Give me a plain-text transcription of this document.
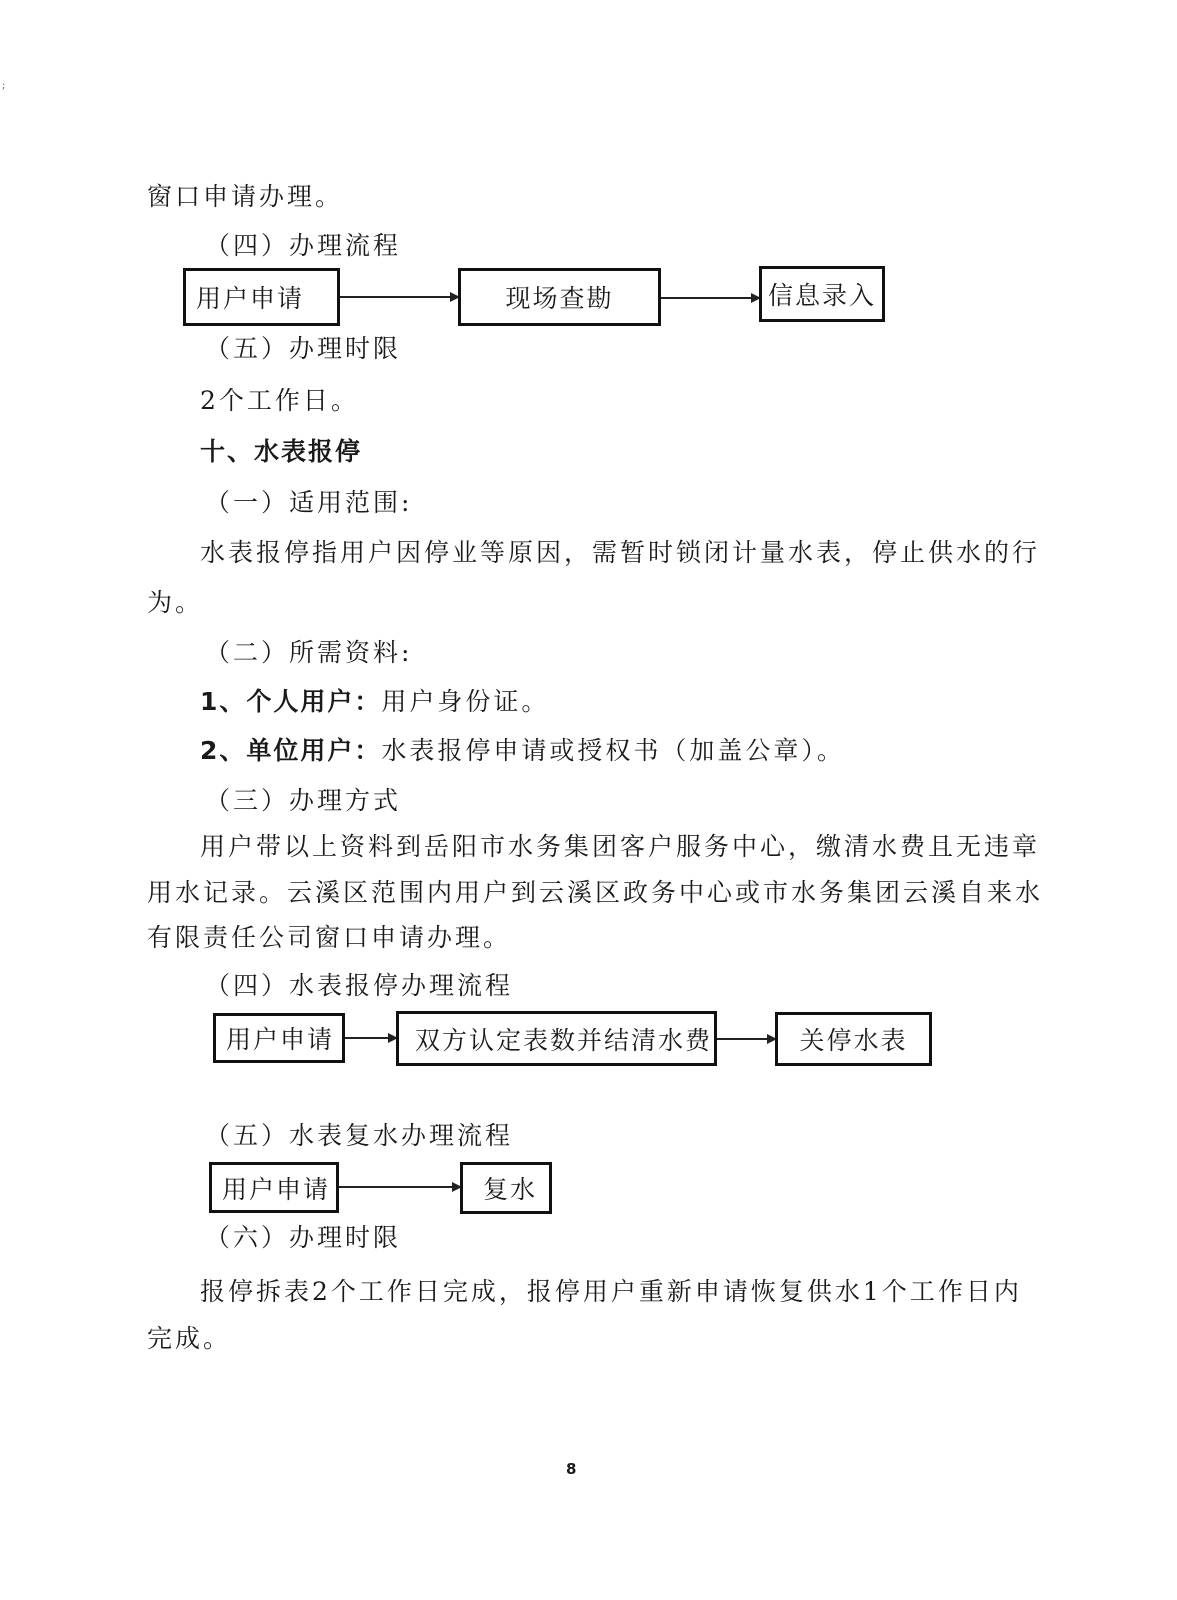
;
窗口申请办理。
（四）办理流程
用户申请	现场查勘	信息录入
（五）办理时限
2个工作日。
十、水表报停
（一）适用范围:
水表报停指用户因停业等原因，需暂时锁闭计量水表，停止供水的行
为。
（二）所需资料:
1、个人用户：用户身份证。
2、单位用户：水表报停申请或授权书（加盖公章）。
（三）办理方式
用户带以上资料到岳阳市水务集团客户服务中心，缴清水费且无违章
用水记录。云溪区范围内用户到云溪区政务中心或市水务集团云溪自来水
有限责任公司窗口申请办理。
（四）水表报停办理流程
用户申请	双方认定表数并结清水费	关停水表
（五）水表复水办理流程
用户申请	复水
（六）办理时限
报停拆表2个工作日完成，报停用户重新申请恢复供水1个工作日内
完成。
8
